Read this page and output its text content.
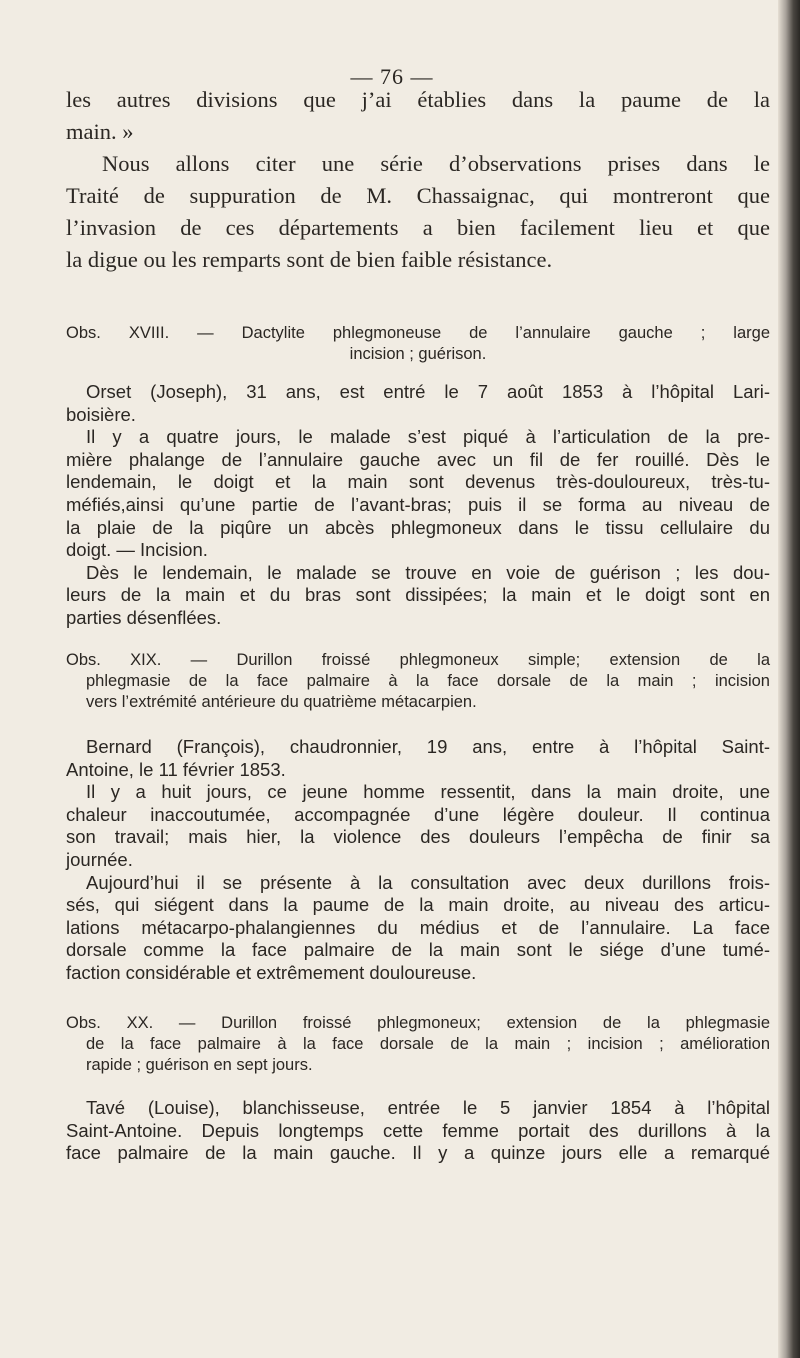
— 76 —
les autres divisions que j’ai établies dans la paume de la
main. »
Nous allons citer une série d’observations prises dans le
Traité de suppuration de M. Chassaignac, qui montreront que
l’invasion de ces départements a bien facilement lieu et que
la digue ou les remparts sont de bien faible résistance.
Obs. XVIII. — Dactylite phlegmoneuse de l’annulaire gauche ; large
incision ; guérison.
Orset (Joseph), 31 ans, est entré le 7 août 1853 à l’hôpital Lari-
boisière.
Il y a quatre jours, le malade s’est piqué à l’articulation de la pre-
mière phalange de l’annulaire gauche avec un fil de fer rouillé. Dès le
lendemain, le doigt et la main sont devenus très-douloureux, très-tu-
méfiés,ainsi qu’une partie de l’avant-bras; puis il se forma au niveau de
la plaie de la piqûre un abcès phlegmoneux dans le tissu cellulaire du
doigt. — Incision.
Dès le lendemain, le malade se trouve en voie de guérison ; les dou-
leurs de la main et du bras sont dissipées; la main et le doigt sont en
parties désenflées.
Obs. XIX. — Durillon froissé phlegmoneux simple; extension de la
phlegmasie de la face palmaire à la face dorsale de la main ; incision
vers l’extrémité antérieure du quatrième métacarpien.
Bernard (François), chaudronnier, 19 ans, entre à l’hôpital Saint-
Antoine, le 11 février 1853.
Il y a huit jours, ce jeune homme ressentit, dans la main droite, une
chaleur inaccoutumée, accompagnée d’une légère douleur. Il continua
son travail; mais hier, la violence des douleurs l’empêcha de finir sa
journée.
Aujourd’hui il se présente à la consultation avec deux durillons frois-
sés, qui siégent dans la paume de la main droite, au niveau des articu-
lations métacarpo-phalangiennes du médius et de l’annulaire. La face
dorsale comme la face palmaire de la main sont le siége d’une tumé-
faction considérable et extrêmement douloureuse.
Obs. XX. — Durillon froissé phlegmoneux; extension de la phlegmasie
de la face palmaire à la face dorsale de la main ; incision ; amélioration
rapide ; guérison en sept jours.
Tavé (Louise), blanchisseuse, entrée le 5 janvier 1854 à l’hôpital
Saint-Antoine. Depuis longtemps cette femme portait des durillons à la
face palmaire de la main gauche. Il y a quinze jours elle a remarqué
